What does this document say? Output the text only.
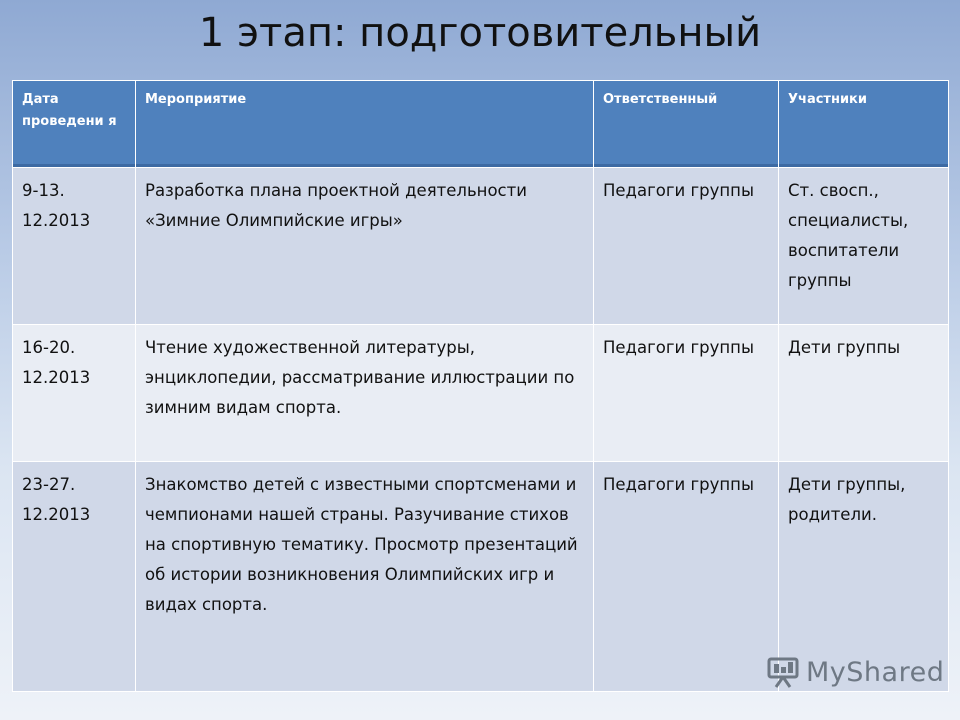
1 этап: подготовительный
Дата проведени я	Мероприятие	Ответственный	Участники
9-13. 12.2013	Разработка плана проектной деятельности «Зимние Олимпийские игры»	Педагоги группы	Ст. своcп., специалисты, воспитатели группы
16-20. 12.2013	Чтение художественной литературы, энциклопедии, рассматривание иллюстрации по зимним видам спорта.	Педагоги группы	Дети группы
23-27. 12.2013	Знакомство детей с известными спортсменами и чемпионами нашей страны. Разучивание стихов на спортивную тематику. Просмотр презентаций об истории возникновения Олимпийских игр и видах спорта.	Педагоги группы	Дети группы, родители.
MyShared
